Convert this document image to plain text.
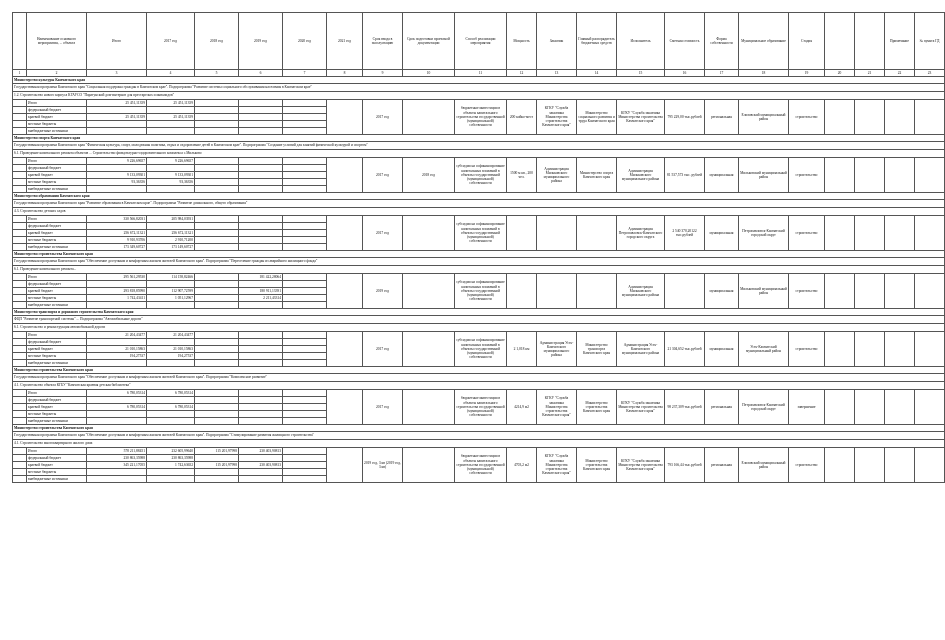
	Наименование основного мероприятия, ... объекта	Итого	2017 год	2018 год	2019 год	2020 год	2021 год	Срок ввода в эксплуатацию	Срок подготовки проектной документации	Способ реализации мероприятия	Мощность	Заказчик	Главный распорядитель бюджетных средств	Исполнитель	Сметная стоимость	Форма собственности	Муниципальное образование	Стадия			Примечание	№ пункта ГД
1	2	3	4	5	6	7	8	9	10	11	12	13	14	15	16	17	18	19	20	21	22	23
Министерство культуры Камчатского края																						
Государственная программа Камчатского края "Социальная поддержка граждан в Камчатском крае". Подпрограмма "Развитие системы социального обслуживания населения в Камчатском крае"																						
1.2. Строительство нового корпуса КГАУСО "Паратунский дом-интернат для престарелых и инвалидов"																						
	Итого	25 451,11359	25 451,11359					2017 год		бюджетные инвестиции в объекты капитального строительства государственной (муниципальной) собственности	200 койко-мест	КГКУ "Служба заказчика Министерства строительства Камчатского края"	Министерство социального развития и труда Камчатского края	КГКУ "Служба заказчика Министерства строительства Камчатского края"	795 229,00 тыс.рублей	региональная	Елизовский муниципальный район	строительство				
	федеральный бюджет																					
	краевой бюджет	25 451,11359	25 451,11359																			
	местные бюджеты																					
	внебюджетные источники																					
Министерство спорта Камчатского края																						
Государственная программа Камчатского края "Физическая культура, спорт, молодежная политика, отдых и оздоровление детей в Камчатском крае". Подпрограмма "Создание условий для занятий физической культурой и спортом"																						
6.1. Проведение капитального ремонта объектов ... Строительство физкультурно-оздоровительного комплекса с.Мильково																						
	Итого	9 226,69657	9 226,69657					2017 год	2018 год	субсидии на софинансирование капитальных вложений в объекты государственной (муниципальной) собственности	1500 м кв., 200 чел.	Администрация Мильковского муниципального района	Министерство спорта Камчатского края	Администрация Мильковского муниципального района	81 537,573 тыс. рублей	муниципальная	Мильковский муниципальный район	строительство				
	федеральный бюджет																					
	краевой бюджет	9 133,09301	9 133,09301																			
	местные бюджеты	93,36356	93,36356																			
	внебюджетные источники																					
Министерство образования Камчатского края																						
Государственная программа Камчатского края "Развитие образования в Камчатском крае". Подпрограмма "Развитие дошкольного, общего образования"																						
4.3. Строительство детских садов																						
	Итого	330 566,82031	205 984,03931					2017 год		субсидии на софинансирование капитальных вложений в объекты государственной (муниципальной) собственности				Администрация Петропавловск-Камчатского городского округа	2 540 370,20122 тыс.рублей	муниципальная	Петропавловск-Камчатский городской округ	строительство				
	федеральный бюджет																					
	краевой бюджет	256 672,11321	256 672,11321																			
	местные бюджеты	9 910,93706	2 910,71200																			
	внебюджетные источники	173 349,60727	173 149,60727																			
Министерство строительства Камчатского края																						
Государственная программа Камчатского края "Обеспечение доступным и комфортным жильем жителей Камчатского края". Подпрограмма "Переселение граждан из аварийного жилищного фонда"																						
6.1. Проведение капитального ремонта...																						
	Итого	295 561,29530	114 158,82466		181 422,28064			2019 год		субсидии на софинансирование капитальных вложений в объекты государственной (муниципальной) собственности				Администрация Мильковского муниципального района		муниципальная	Мильковский муниципальный район	строительство				
	федеральный бюджет																					
	краевой бюджет	293 818,85990	112 907,72599		180 911,13391																	
	местные бюджеты	1 742,43411	1 051,12967		2 211,43314																	
	внебюджетные источники																					
Министерство транспорта и дорожного строительства Камчатского края																						
ФЦП "Развитие транспортной системы" ... Подпрограмма "Автомобильные дороги"																						
6.1. Строительство и реконструкция автомобильной дороги																						
	Итого	21 204,43477	21 204,43477					2017 год		субсидии на софинансирование капитальных вложений в объекты государственной (муниципальной) собственности	2 1,018 км	Администрация Усть-Камчатского муниципального района	Министерство транспорта Камчатского края	Администрация Усть-Камчатского муниципального района	21 304,652 тыс.рублей	муниципальная	Усть-Камчатский муниципальный район	строительство				
	федеральный бюджет																					
	краевой бюджет	21 010,15863	21 010,15863																			
	местные бюджеты	194,27537	194,27537																			
	внебюджетные источники																					
Министерство строительства Камчатского края																						
Государственная программа Камчатского края "Обеспечение доступным и комфортным жильем жителей Камчатского края". Подпрограмма "Комплексное развитие"																						
4.1. Строительство объекта КГБУ "Камчатская краевая детская библиотека"																						
	Итого	6 780,05314	6 780,05314					2017 год		бюджетные инвестиции в объекты капитального строительства государственной (муниципальной) собственности	4214,9 м2	КГКУ "Служба заказчика Министерства строительства Камчатского края"	Министерство строительства Камчатского края	КГКУ "Служба заказчика Министерства строительства Камчатского края"	98 237,309 тыс.рублей	региональная	Петропавловск-Камчатский городской округ	завершение				
	федеральный бюджет																					
	краевой бюджет	6 780,05314	6 780,05314																			
	местные бюджеты																					
	внебюджетные источники																					
Министерство строительства Камчатского края																						
Государственная программа Камчатского края "Обеспечение доступным и комфортным жильем жителей Камчатского края". Подпрограмма "Стимулирование развития жилищного строительства"																						
4.1. Строительство многоквартирного жилого дома																						
	Итого	578 211,88451	232 605,99640	115 201,97998	230 403,90813			2019 год, 3 кв (2019 год, 3 кв)		бюджетные инвестиции в объекты капитального строительства государственной (муниципальной) собственности	4703,2 м2	КГКУ "Служба заказчика Министерства строительства Камчатского края"	Министерство строительства Камчатского края	КГКУ "Служба заказчика Министерства строительства Камчатского края"	793 166,44 тыс.рублей	региональная	Елизовский муниципальный район	строительство				
	федеральный бюджет	230 863,35988	230 863,35988																			
	краевой бюджет	345 221,17055	1 742,63652	115 201,97998	230 403,90813																	
	местные бюджеты																					
	внебюджетные источники																					
